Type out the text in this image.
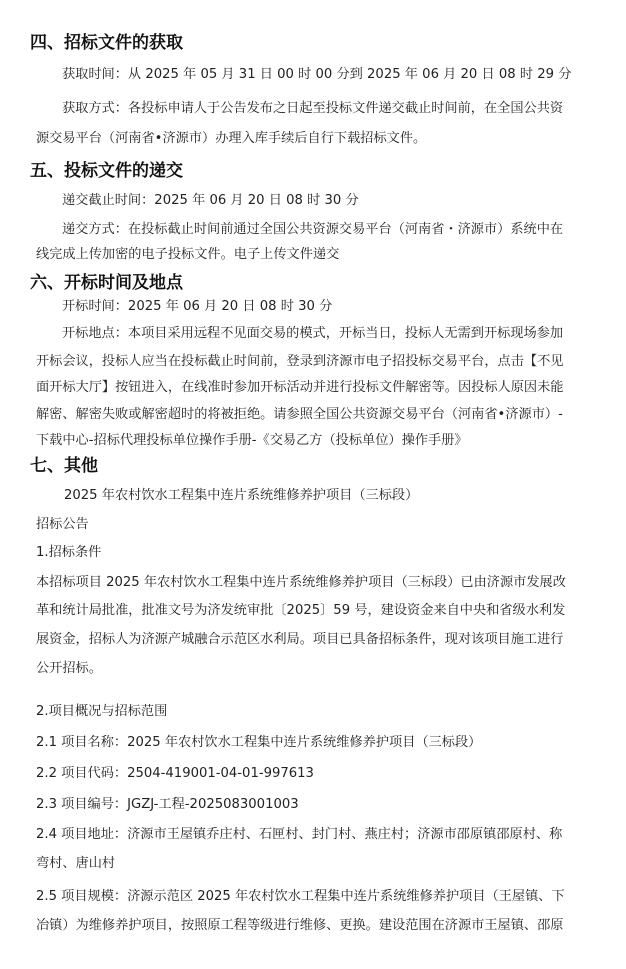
四、招标文件的获取
获取时间：从 2025 年 05 月 31 日 00 时 00 分到 2025 年 06 月 20 日 08 时 29 分
获取方式：各投标申请人于公告发布之日起至投标文件递交截止时间前，在全国公共资
源交易平台（河南省•济源市）办理入库手续后自行下载招标文件。
五、投标文件的递交
递交截止时间：2025 年 06 月 20 日 08 时 30 分
递交方式：在投标截止时间前通过全国公共资源交易平台（河南省・济源市）系统中在
线完成上传加密的电子投标文件。电子上传文件递交
六、开标时间及地点
开标时间：2025 年 06 月 20 日 08 时 30 分
开标地点：本项目采用远程不见面交易的模式，开标当日，投标人无需到开标现场参加
开标会议，投标人应当在投标截止时间前，登录到济源市电子招投标交易平台，点击【不见
面开标大厅】按钮进入，在线准时参加开标活动并进行投标文件解密等。因投标人原因未能
解密、解密失败或解密超时的将被拒绝。请参照全国公共资源交易平台（河南省•济源市）-
下载中心-招标代理投标单位操作手册-《交易乙方（投标单位）操作手册》
七、其他
2025 年农村饮水工程集中连片系统维修养护项目（三标段）
招标公告
1.招标条件
本招标项目 2025 年农村饮水工程集中连片系统维修养护项目（三标段）已由济源市发展改
革和统计局批准，批准文号为济发统审批〔2025〕59 号，建设资金来自中央和省级水利发
展资金，招标人为济源产城融合示范区水利局。项目已具备招标条件，现对该项目施工进行
公开招标。
2.项目概况与招标范围
2.1 项目名称：2025 年农村饮水工程集中连片系统维修养护项目（三标段）
2.2 项目代码：2504-419001-04-01-997613
2.3 项目编号：JGZJ-工程-2025083001003
2.4 项目地址：济源市王屋镇乔庄村、石匣村、封门村、燕庄村；济源市邵原镇邵原村、称
弯村、唐山村
2.5 项目规模：济源示范区 2025 年农村饮水工程集中连片系统维修养护项目（王屋镇、下
冶镇）为维修养护项目，按照原工程等级进行维修、更换。建设范围在济源市王屋镇、邵原
